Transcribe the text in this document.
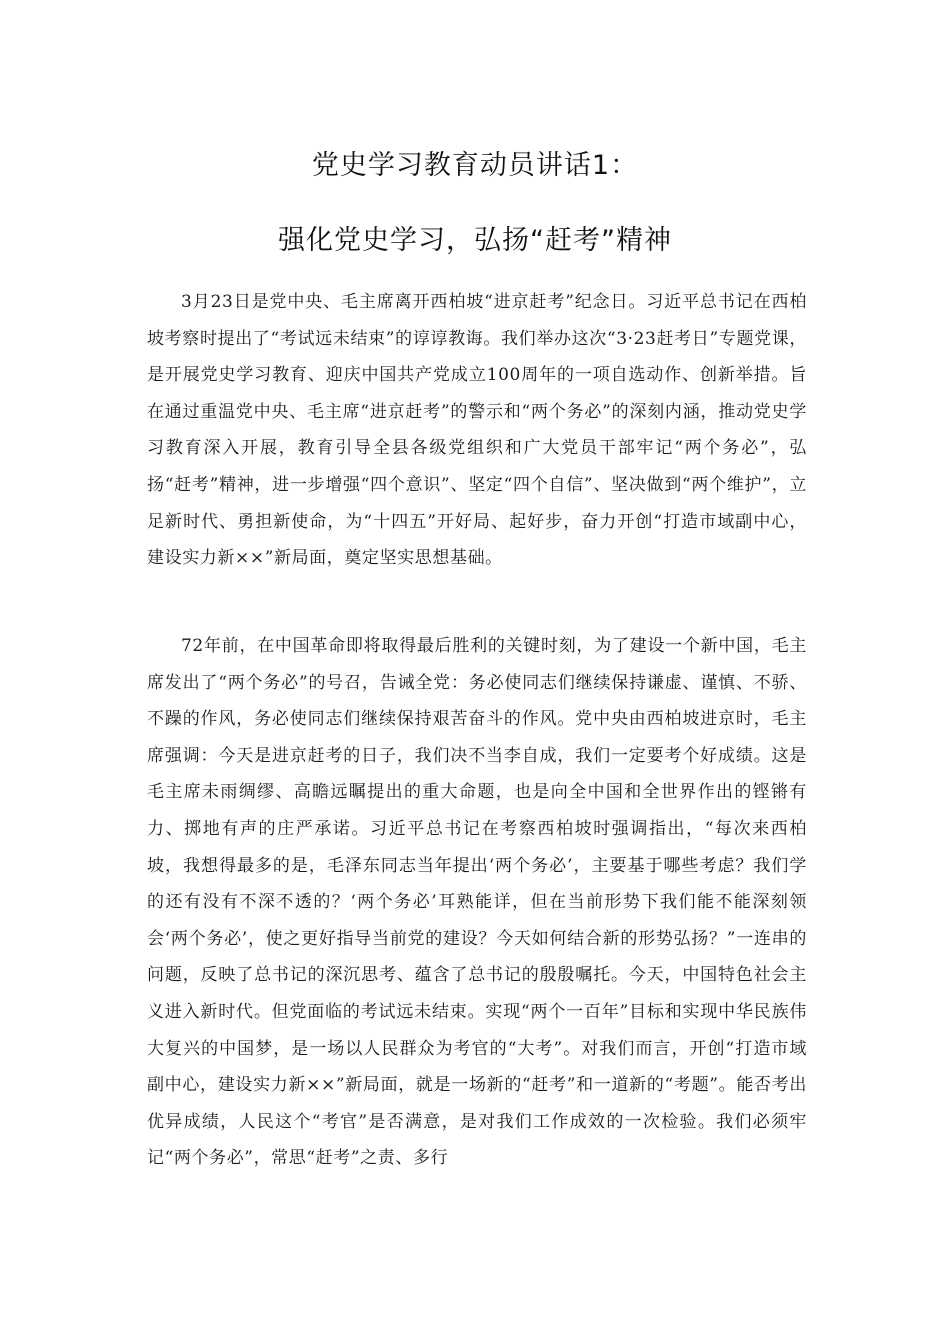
党史学习教育动员讲话1：
强化党史学习，弘扬“赶考”精神

3月23日是党中央、毛主席离开西柏坡“进京赶考”纪念日。习近平总书记在西柏坡考察时提出了“考试远未结束”的谆谆教诲。我们举办这次“3·23赶考日”专题党课，是开展党史学习教育、迎庆中国共产党成立100周年的一项自选动作、创新举措。旨在通过重温党中央、毛主席“进京赶考”的警示和“两个务必”的深刻内涵，推动党史学习教育深入开展，教育引导全县各级党组织和广大党员干部牢记“两个务必”，弘扬“赶考”精神，进一步增强“四个意识”、坚定“四个自信”、坚决做到“两个维护”，立足新时代、勇担新使命，为“十四五”开好局、起好步，奋力开创“打造市域副中心，建设实力新××”新局面，奠定坚实思想基础。

72年前，在中国革命即将取得最后胜利的关键时刻，为了建设一个新中国，毛主席发出了“两个务必”的号召，告诫全党：务必使同志们继续保持谦虚、谨慎、不骄、不躁的作风，务必使同志们继续保持艰苦奋斗的作风。党中央由西柏坡进京时，毛主席强调：今天是进京赶考的日子，我们决不当李自成，我们一定要考个好成绩。这是毛主席未雨绸缪、高瞻远瞩提出的重大命题，也是向全中国和全世界作出的铿锵有力、掷地有声的庄严承诺。习近平总书记在考察西柏坡时强调指出，“每次来西柏坡，我想得最多的是，毛泽东同志当年提出‘两个务必’，主要基于哪些考虑？我们学的还有没有不深不透的？‘两个务必’耳熟能详，但在当前形势下我们能不能深刻领会‘两个务必’，使之更好指导当前党的建设？今天如何结合新的形势弘扬？”一连串的问题，反映了总书记的深沉思考、蕴含了总书记的殷殷嘱托。今天，中国特色社会主义进入新时代。但党面临的考试远未结束。实现“两个一百年”目标和实现中华民族伟大复兴的中国梦，是一场以人民群众为考官的“大考”。对我们而言，开创“打造市域副中心，建设实力新××”新局面，就是一场新的“赶考”和一道新的“考题”。能否考出优异成绩，人民这个“考官”是否满意，是对我们工作成效的一次检验。我们必须牢记“两个务必”，常思“赶考”之责、多行
